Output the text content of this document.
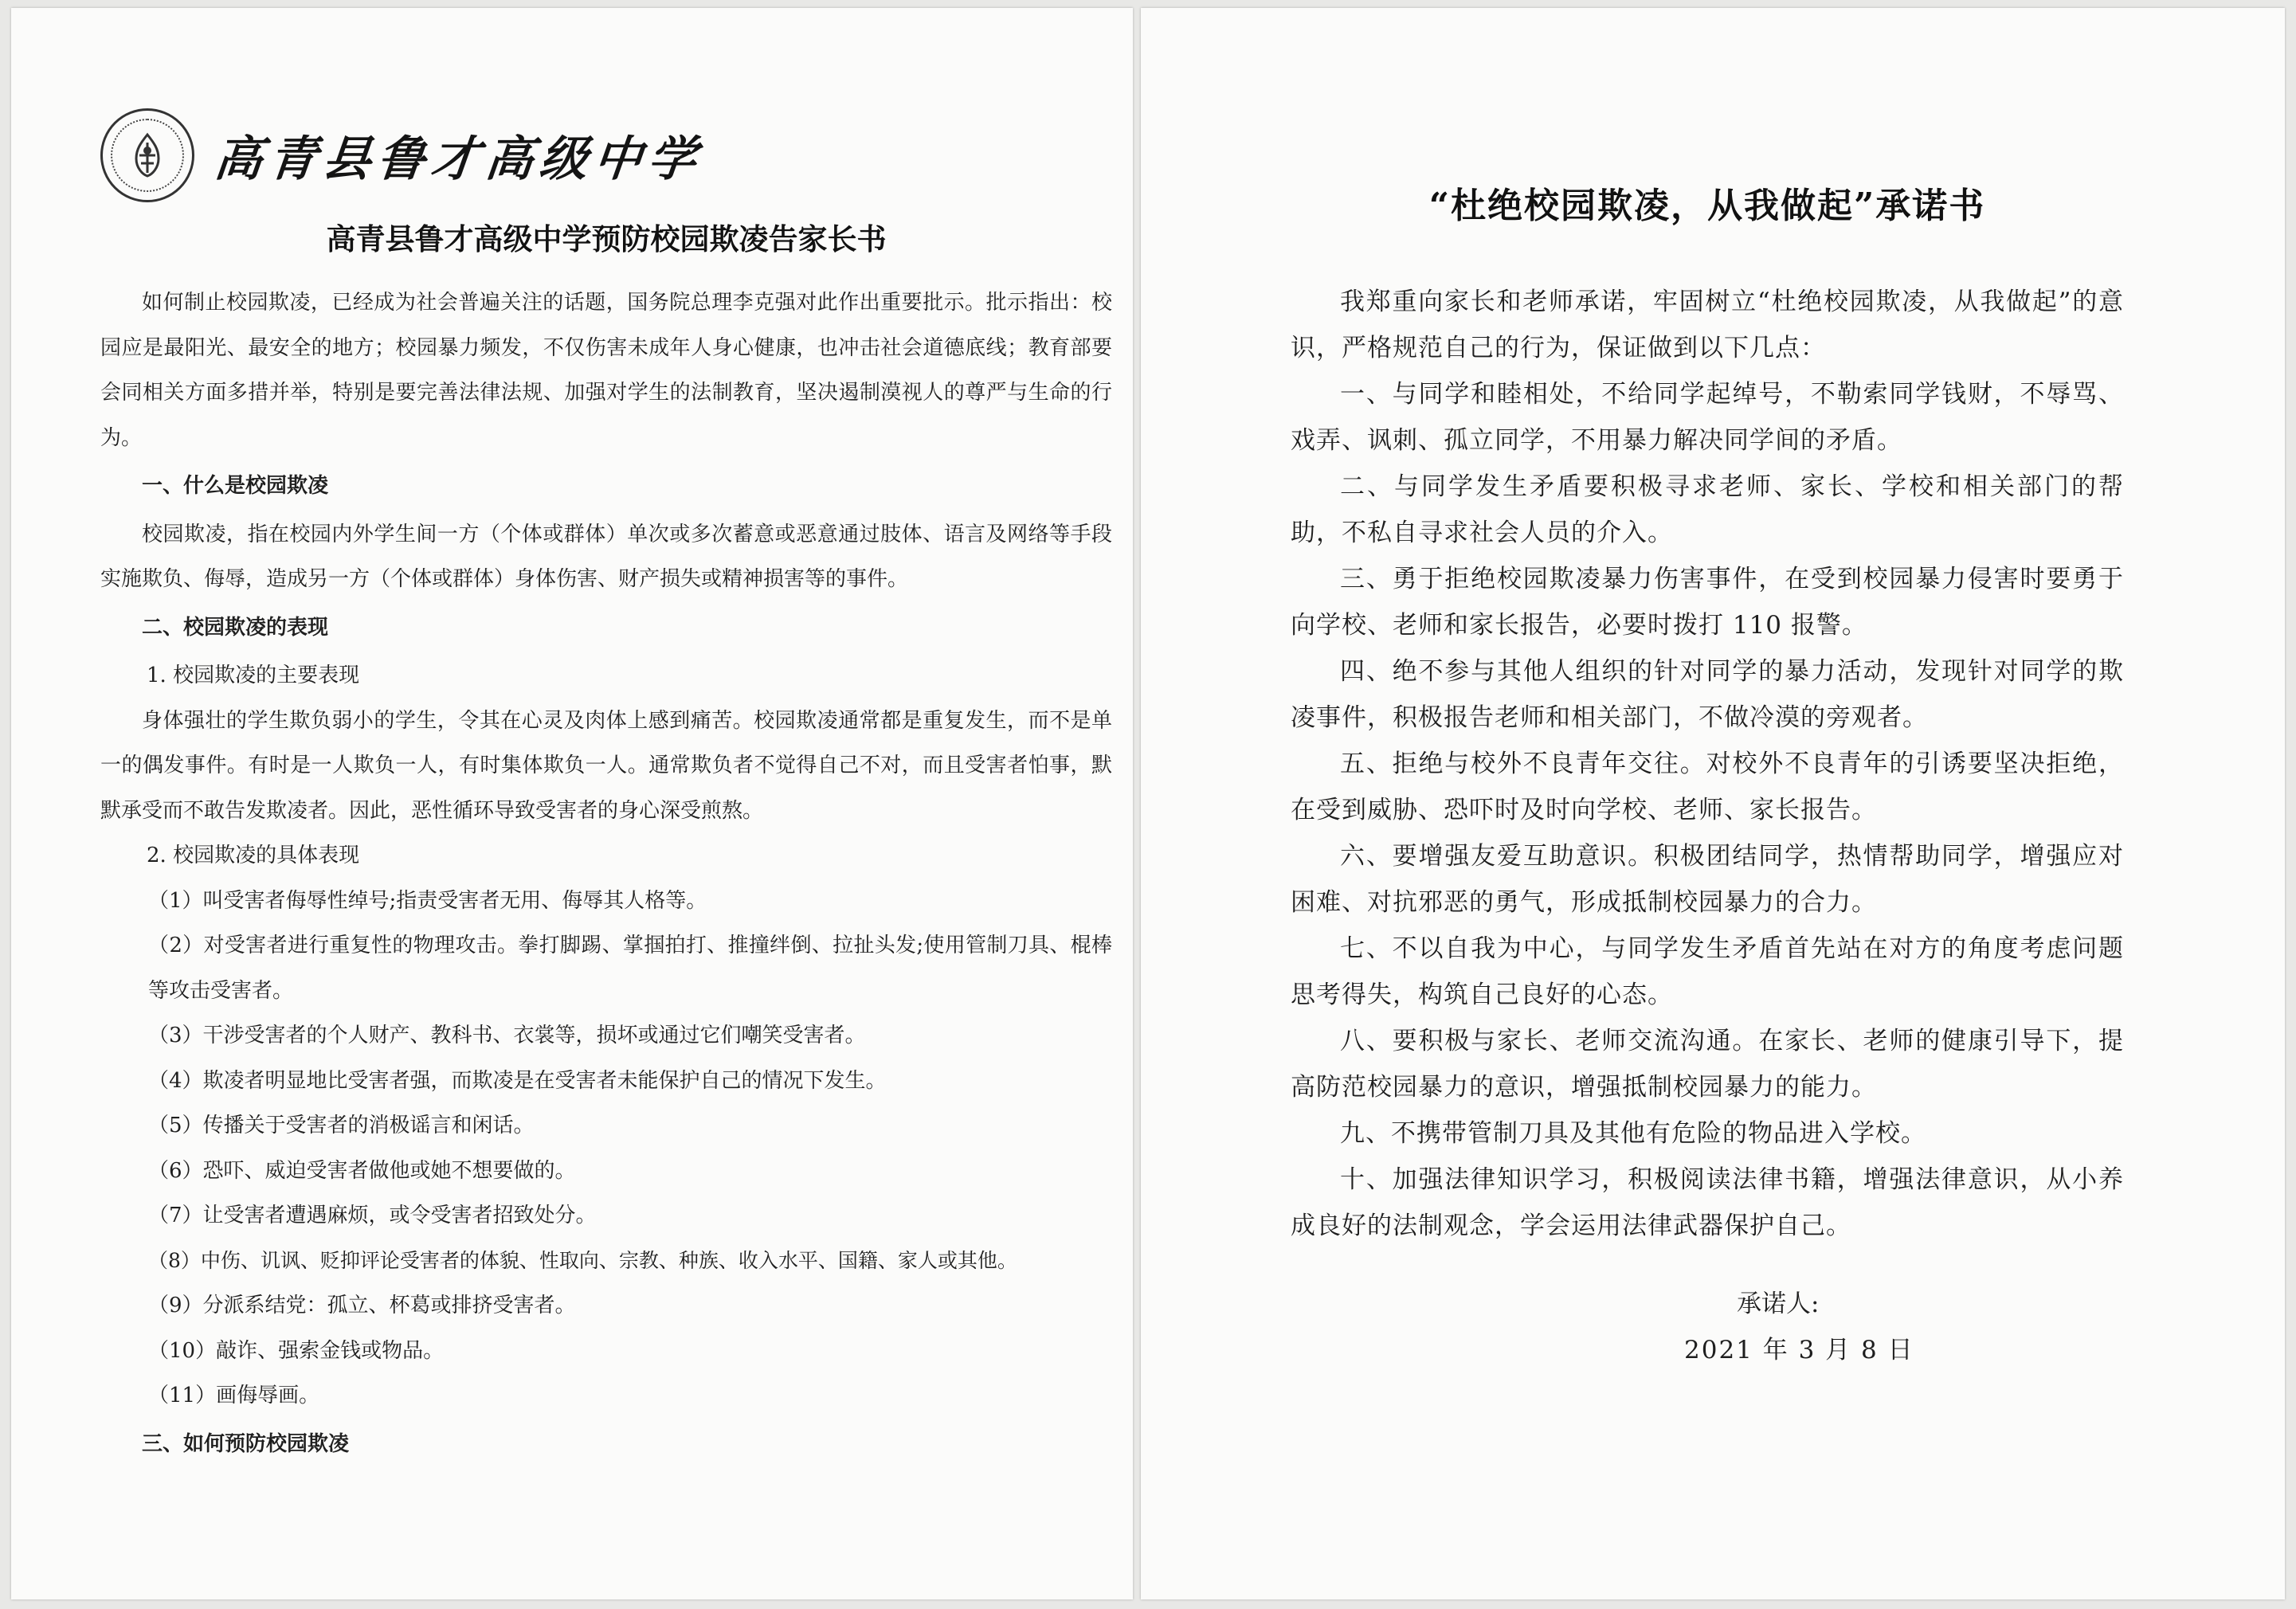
高青县鲁才高级中学
高青县鲁才高级中学预防校园欺凌告家长书

如何制止校园欺凌，已经成为社会普遍关注的话题，国务院总理李克强对此作出重要批示。批示指出：校园应是最阳光、最安全的地方；校园暴力频发，不仅伤害未成年人身心健康，也冲击社会道德底线；教育部要会同相关方面多措并举，特别是要完善法律法规、加强对学生的法制教育，坚决遏制漠视人的尊严与生命的行为。

一、什么是校园欺凌

校园欺凌，指在校园内外学生间一方（个体或群体）单次或多次蓄意或恶意通过肢体、语言及网络等手段实施欺负、侮辱，造成另一方（个体或群体）身体伤害、财产损失或精神损害等的事件。

二、校园欺凌的表现

1. 校园欺凌的主要表现

身体强壮的学生欺负弱小的学生，令其在心灵及肉体上感到痛苦。校园欺凌通常都是重复发生，而不是单一的偶发事件。有时是一人欺负一人，有时集体欺负一人。通常欺负者不觉得自己不对，而且受害者怕事，默默承受而不敢告发欺凌者。因此，恶性循环导致受害者的身心深受煎熬。

2. 校园欺凌的具体表现

（1）叫受害者侮辱性绰号;指责受害者无用、侮辱其人格等。

（2）对受害者进行重复性的物理攻击。拳打脚踢、掌掴拍打、推撞绊倒、拉扯头发;使用管制刀具、棍棒等攻击受害者。

（3）干涉受害者的个人财产、教科书、衣裳等，损坏或通过它们嘲笑受害者。

（4）欺凌者明显地比受害者强，而欺凌是在受害者未能保护自己的情况下发生。

（5）传播关于受害者的消极谣言和闲话。

（6）恐吓、威迫受害者做他或她不想要做的。

（7）让受害者遭遇麻烦，或令受害者招致处分。

（8）中伤、讥讽、贬抑评论受害者的体貌、性取向、宗教、种族、收入水平、国籍、家人或其他。

（9）分派系结党：孤立、杯葛或排挤受害者。

（10）敲诈、强索金钱或物品。

（11）画侮辱画。

三、如何预防校园欺凌
“杜绝校园欺凌，从我做起”承诺书

我郑重向家长和老师承诺，牢固树立“杜绝校园欺凌，从我做起”的意识，严格规范自己的行为，保证做到以下几点：

一、与同学和睦相处，不给同学起绰号，不勒索同学钱财，不辱骂、戏弄、讽刺、孤立同学，不用暴力解决同学间的矛盾。

二、与同学发生矛盾要积极寻求老师、家长、学校和相关部门的帮助，不私自寻求社会人员的介入。

三、勇于拒绝校园欺凌暴力伤害事件，在受到校园暴力侵害时要勇于向学校、老师和家长报告，必要时拨打 110 报警。

四、绝不参与其他人组织的针对同学的暴力活动，发现针对同学的欺凌事件，积极报告老师和相关部门，不做冷漠的旁观者。

五、拒绝与校外不良青年交往。对校外不良青年的引诱要坚决拒绝，在受到威胁、恐吓时及时向学校、老师、家长报告。

六、要增强友爱互助意识。积极团结同学，热情帮助同学，增强应对困难、对抗邪恶的勇气，形成抵制校园暴力的合力。

七、不以自我为中心，与同学发生矛盾首先站在对方的角度考虑问题思考得失，构筑自己良好的心态。

八、要积极与家长、老师交流沟通。在家长、老师的健康引导下，提高防范校园暴力的意识，增强抵制校园暴力的能力。

九、不携带管制刀具及其他有危险的物品进入学校。

十、加强法律知识学习，积极阅读法律书籍，增强法律意识，从小养成良好的法制观念，学会运用法律武器保护自己。

承诺人:
2021 年 3 月 8 日
